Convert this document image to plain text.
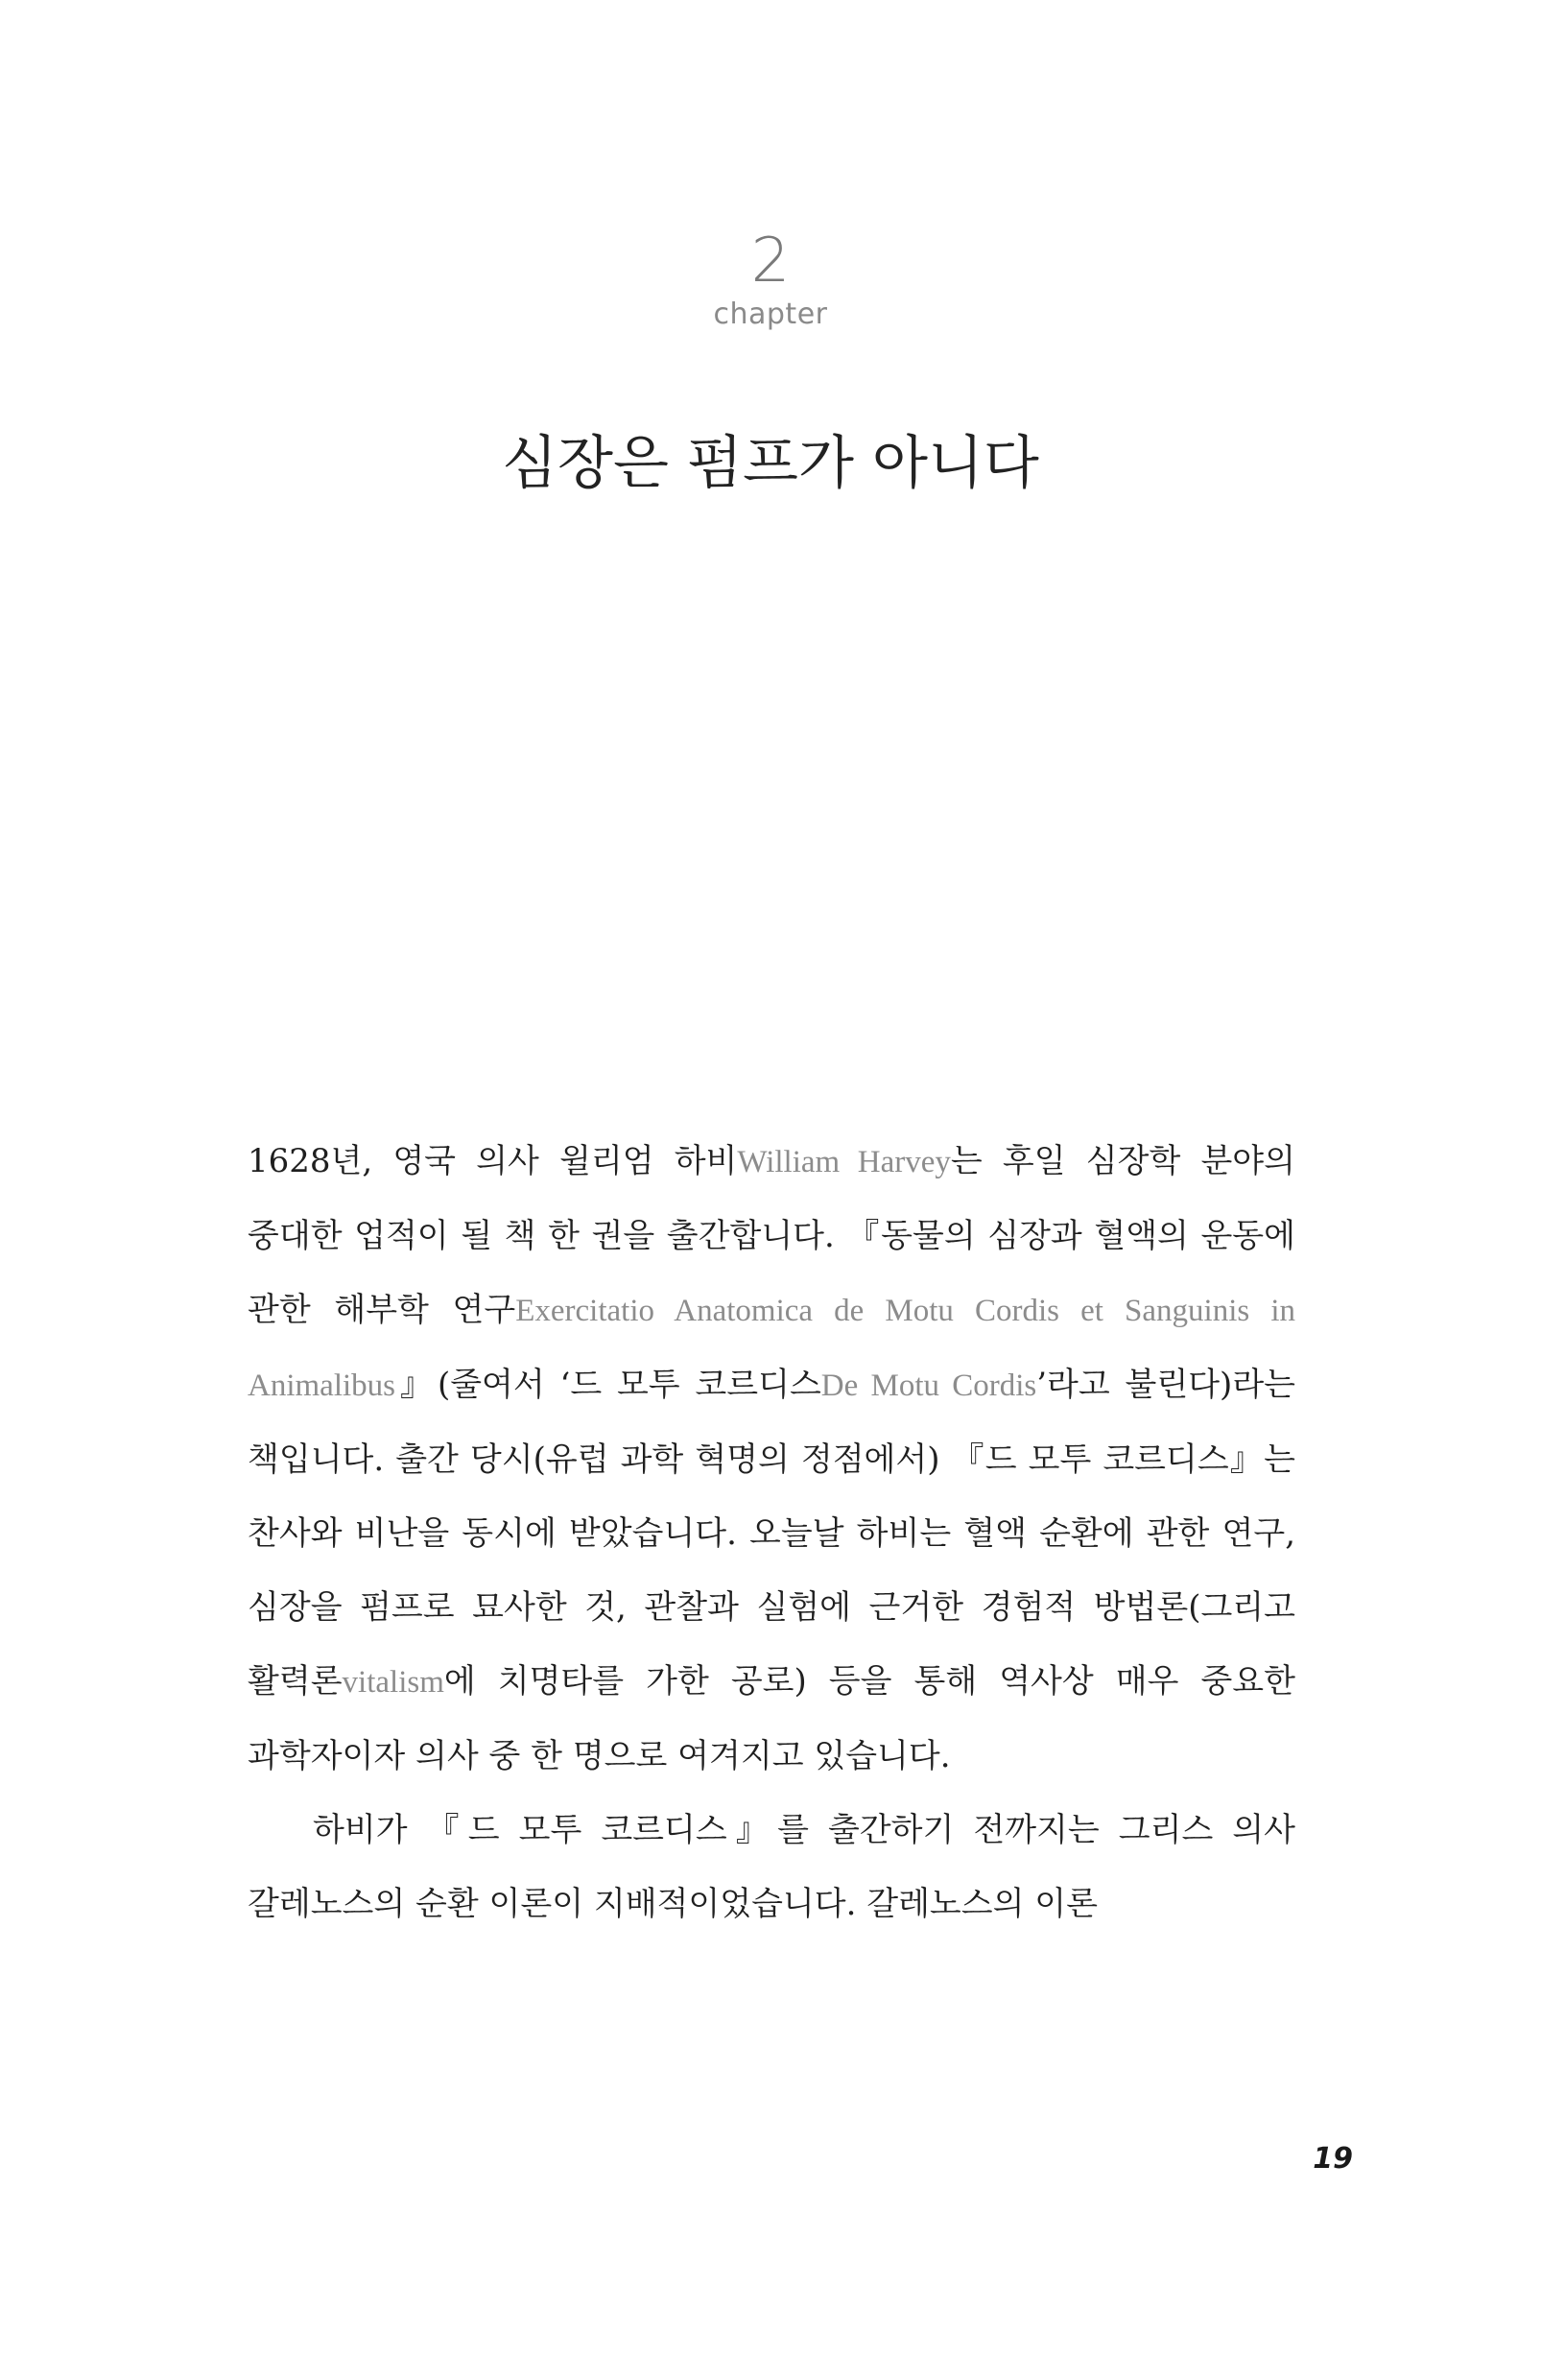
2
chapter
심장은 펌프가 아니다

1628년, 영국 의사 윌리엄 하비William Harvey는 후일 심장학 분야의 중대한 업적이 될 책 한 권을 출간합니다. 『동물의 심장과 혈액의 운동에 관한 해부학 연구Exercitatio Anatomica de Motu Cordis et Sanguinis in Animalibus』(줄여서 ‘드 모투 코르디스De Motu Cordis’라고 불린다)라는 책입니다. 출간 당시(유럽 과학 혁명의 정점에서) 『드 모투 코르디스』는 찬사와 비난을 동시에 받았습니다. 오늘날 하비는 혈액 순환에 관한 연구, 심장을 펌프로 묘사한 것, 관찰과 실험에 근거한 경험적 방법론(그리고 활력론vitalism에 치명타를 가한 공로) 등을 통해 역사상 매우 중요한 과학자이자 의사 중 한 명으로 여겨지고 있습니다.

하비가 『드 모투 코르디스』를 출간하기 전까지는 그리스 의사 갈레노스의 순환 이론이 지배적이었습니다. 갈레노스의 이론

19
